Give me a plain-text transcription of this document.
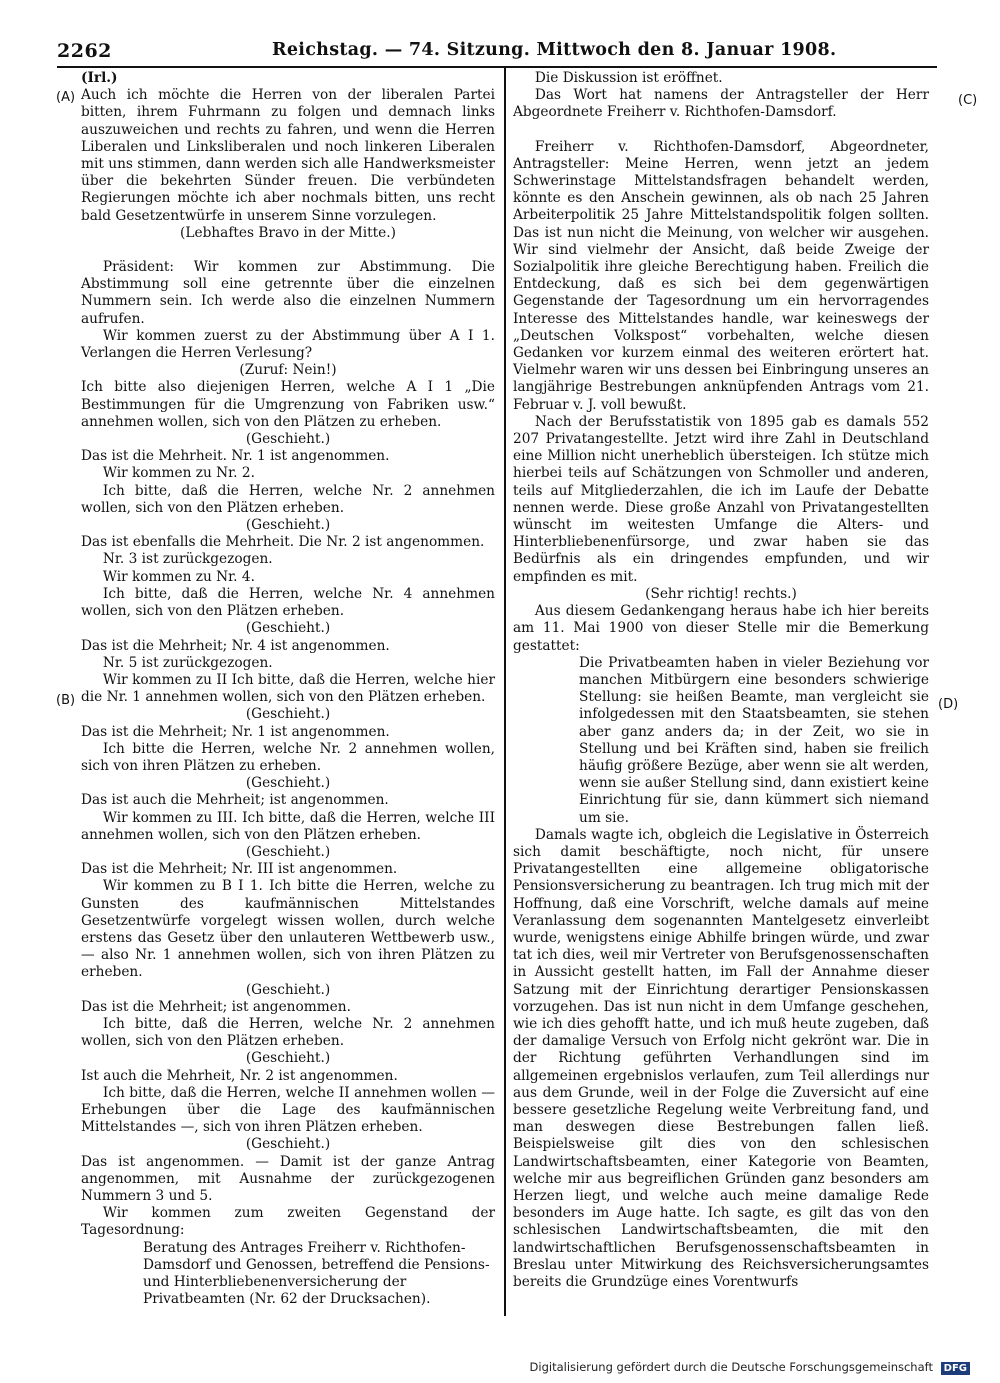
2262	Reichstag. — 74. Sitzung. Mittwoch den 8. Januar 1908.
(A)
(B)
(C)
(D)
(Irl.)
Auch ich möchte die Herren von der liberalen Partei bitten, ihrem Fuhrmann zu folgen und demnach links auszuweichen und rechts zu fahren, und wenn die Herren Liberalen und Linksliberalen und noch linkeren Liberalen mit uns stimmen, dann werden sich alle Handwerksmeister über die bekehrten Sünder freuen. Die verbündeten Regierungen möchte ich aber nochmals bitten, uns recht bald Gesetzentwürfe in unserem Sinne vorzulegen.
(Lebhaftes Bravo in der Mitte.)
Präsident: Wir kommen zur Abstimmung. Die Abstimmung soll eine getrennte über die einzelnen Nummern sein. Ich werde also die einzelnen Nummern aufrufen.
Wir kommen zuerst zu der Abstimmung über A I 1. Verlangen die Herren Verlesung?
(Zuruf: Nein!)
Ich bitte also diejenigen Herren, welche A I 1 „Die Bestimmungen für die Umgrenzung von Fabriken usw.“ annehmen wollen, sich von den Plätzen zu erheben.
(Geschieht.)
Das ist die Mehrheit. Nr. 1 ist angenommen.
Wir kommen zu Nr. 2.
Ich bitte, daß die Herren, welche Nr. 2 annehmen wollen, sich von den Plätzen erheben.
(Geschieht.)
Das ist ebenfalls die Mehrheit. Die Nr. 2 ist angenommen.
Nr. 3 ist zurückgezogen.
Wir kommen zu Nr. 4.
Ich bitte, daß die Herren, welche Nr. 4 annehmen wollen, sich von den Plätzen erheben.
(Geschieht.)
Das ist die Mehrheit; Nr. 4 ist angenommen.
Nr. 5 ist zurückgezogen.
Wir kommen zu II Ich bitte, daß die Herren, welche hier die Nr. 1 annehmen wollen, sich von den Plätzen erheben.
(Geschieht.)
Das ist die Mehrheit; Nr. 1 ist angenommen.
Ich bitte die Herren, welche Nr. 2 annehmen wollen, sich von ihren Plätzen zu erheben.
(Geschieht.)
Das ist auch die Mehrheit; ist angenommen.
Wir kommen zu III. Ich bitte, daß die Herren, welche III annehmen wollen, sich von den Plätzen erheben.
(Geschieht.)
Das ist die Mehrheit; Nr. III ist angenommen.
Wir kommen zu B I 1. Ich bitte die Herren, welche zu Gunsten des kaufmännischen Mittelstandes Gesetzentwürfe vorgelegt wissen wollen, durch welche erstens das Gesetz über den unlauteren Wettbewerb usw., — also Nr. 1 annehmen wollen, sich von ihren Plätzen zu erheben.
(Geschieht.)
Das ist die Mehrheit; ist angenommen.
Ich bitte, daß die Herren, welche Nr. 2 annehmen wollen, sich von den Plätzen erheben.
(Geschieht.)
Ist auch die Mehrheit, Nr. 2 ist angenommen.
Ich bitte, daß die Herren, welche II annehmen wollen — Erhebungen über die Lage des kaufmännischen Mittelstandes —, sich von ihren Plätzen erheben.
(Geschieht.)
Das ist angenommen. — Damit ist der ganze Antrag angenommen, mit Ausnahme der zurückgezogenen Nummern 3 und 5.
Wir kommen zum zweiten Gegenstand der Tagesordnung:
Beratung des Antrages Freiherr v. Richthofen-Damsdorf und Genossen, betreffend die Pensions- und Hinterbliebenenversicherung der Privatbeamten (Nr. 62 der Drucksachen).
Die Diskussion ist eröffnet.
Das Wort hat namens der Antragsteller der Herr Abgeordnete Freiherr v. Richthofen-Damsdorf.
Freiherr v. Richthofen-Damsdorf, Abgeordneter, Antragsteller: Meine Herren, wenn jetzt an jedem Schwerinstage Mittelstandsfragen behandelt werden, könnte es den Anschein gewinnen, als ob nach 25 Jahren Arbeiterpolitik 25 Jahre Mittelstandspolitik folgen sollten. Das ist nun nicht die Meinung, von welcher wir ausgehen. Wir sind vielmehr der Ansicht, daß beide Zweige der Sozialpolitik ihre gleiche Berechtigung haben. Freilich die Entdeckung, daß es sich bei dem gegenwärtigen Gegenstande der Tagesordnung um ein hervorragendes Interesse des Mittelstandes handle, war keineswegs der „Deutschen Volkspost“ vorbehalten, welche diesen Gedanken vor kurzem einmal des weiteren erörtert hat. Vielmehr waren wir uns dessen bei Einbringung unseres an langjährige Bestrebungen anknüpfenden Antrags vom 21. Februar v. J. voll bewußt.
Nach der Berufsstatistik von 1895 gab es damals 552 207 Privatangestellte. Jetzt wird ihre Zahl in Deutschland eine Million nicht unerheblich übersteigen. Ich stütze mich hierbei teils auf Schätzungen von Schmoller und anderen, teils auf Mitgliederzahlen, die ich im Laufe der Debatte nennen werde. Diese große Anzahl von Privatangestellten wünscht im weitesten Umfange die Alters- und Hinterbliebenenfürsorge, und zwar haben sie das Bedürfnis als ein dringendes empfunden, und wir empfinden es mit.
(Sehr richtig! rechts.)
Aus diesem Gedankengang heraus habe ich hier bereits am 11. Mai 1900 von dieser Stelle mir die Bemerkung gestattet:
Die Privatbeamten haben in vieler Beziehung vor manchen Mitbürgern eine besonders schwierige Stellung: sie heißen Beamte, man vergleicht sie infolgedessen mit den Staatsbeamten, sie stehen aber ganz anders da; in der Zeit, wo sie in Stellung und bei Kräften sind, haben sie freilich häufig größere Bezüge, aber wenn sie alt werden, wenn sie außer Stellung sind, dann existiert keine Einrichtung für sie, dann kümmert sich niemand um sie.
Damals wagte ich, obgleich die Legislative in Österreich sich damit beschäftigte, noch nicht, für unsere Privatangestellten eine allgemeine obligatorische Pensionsversicherung zu beantragen. Ich trug mich mit der Hoffnung, daß eine Vorschrift, welche damals auf meine Veranlassung dem sogenannten Mantelgesetz einverleibt wurde, wenigstens einige Abhilfe bringen würde, und zwar tat ich dies, weil mir Vertreter von Berufsgenossenschaften in Aussicht gestellt hatten, im Fall der Annahme dieser Satzung mit der Einrichtung derartiger Pensionskassen vorzugehen. Das ist nun nicht in dem Umfange geschehen, wie ich dies gehofft hatte, und ich muß heute zugeben, daß der damalige Versuch von Erfolg nicht gekrönt war. Die in der Richtung geführten Verhandlungen sind im allgemeinen ergebnislos verlaufen, zum Teil allerdings nur aus dem Grunde, weil in der Folge die Zuversicht auf eine bessere gesetzliche Regelung weite Verbreitung fand, und man deswegen diese Bestrebungen fallen ließ. Beispielsweise gilt dies von den schlesischen Landwirtschaftsbeamten, einer Kategorie von Beamten, welche mir aus begreiflichen Gründen ganz besonders am Herzen liegt, und welche auch meine damalige Rede besonders im Auge hatte. Ich sagte, es gilt das von den schlesischen Landwirtschaftsbeamten, die mit den landwirtschaftlichen Berufsgenossenschaftsbeamten in Breslau unter Mitwirkung des Reichsversicherungsamtes bereits die Grundzüge eines Vorentwurfs
Digitalisierung gefördert durch die Deutsche Forschungsgemeinschaft DFG
